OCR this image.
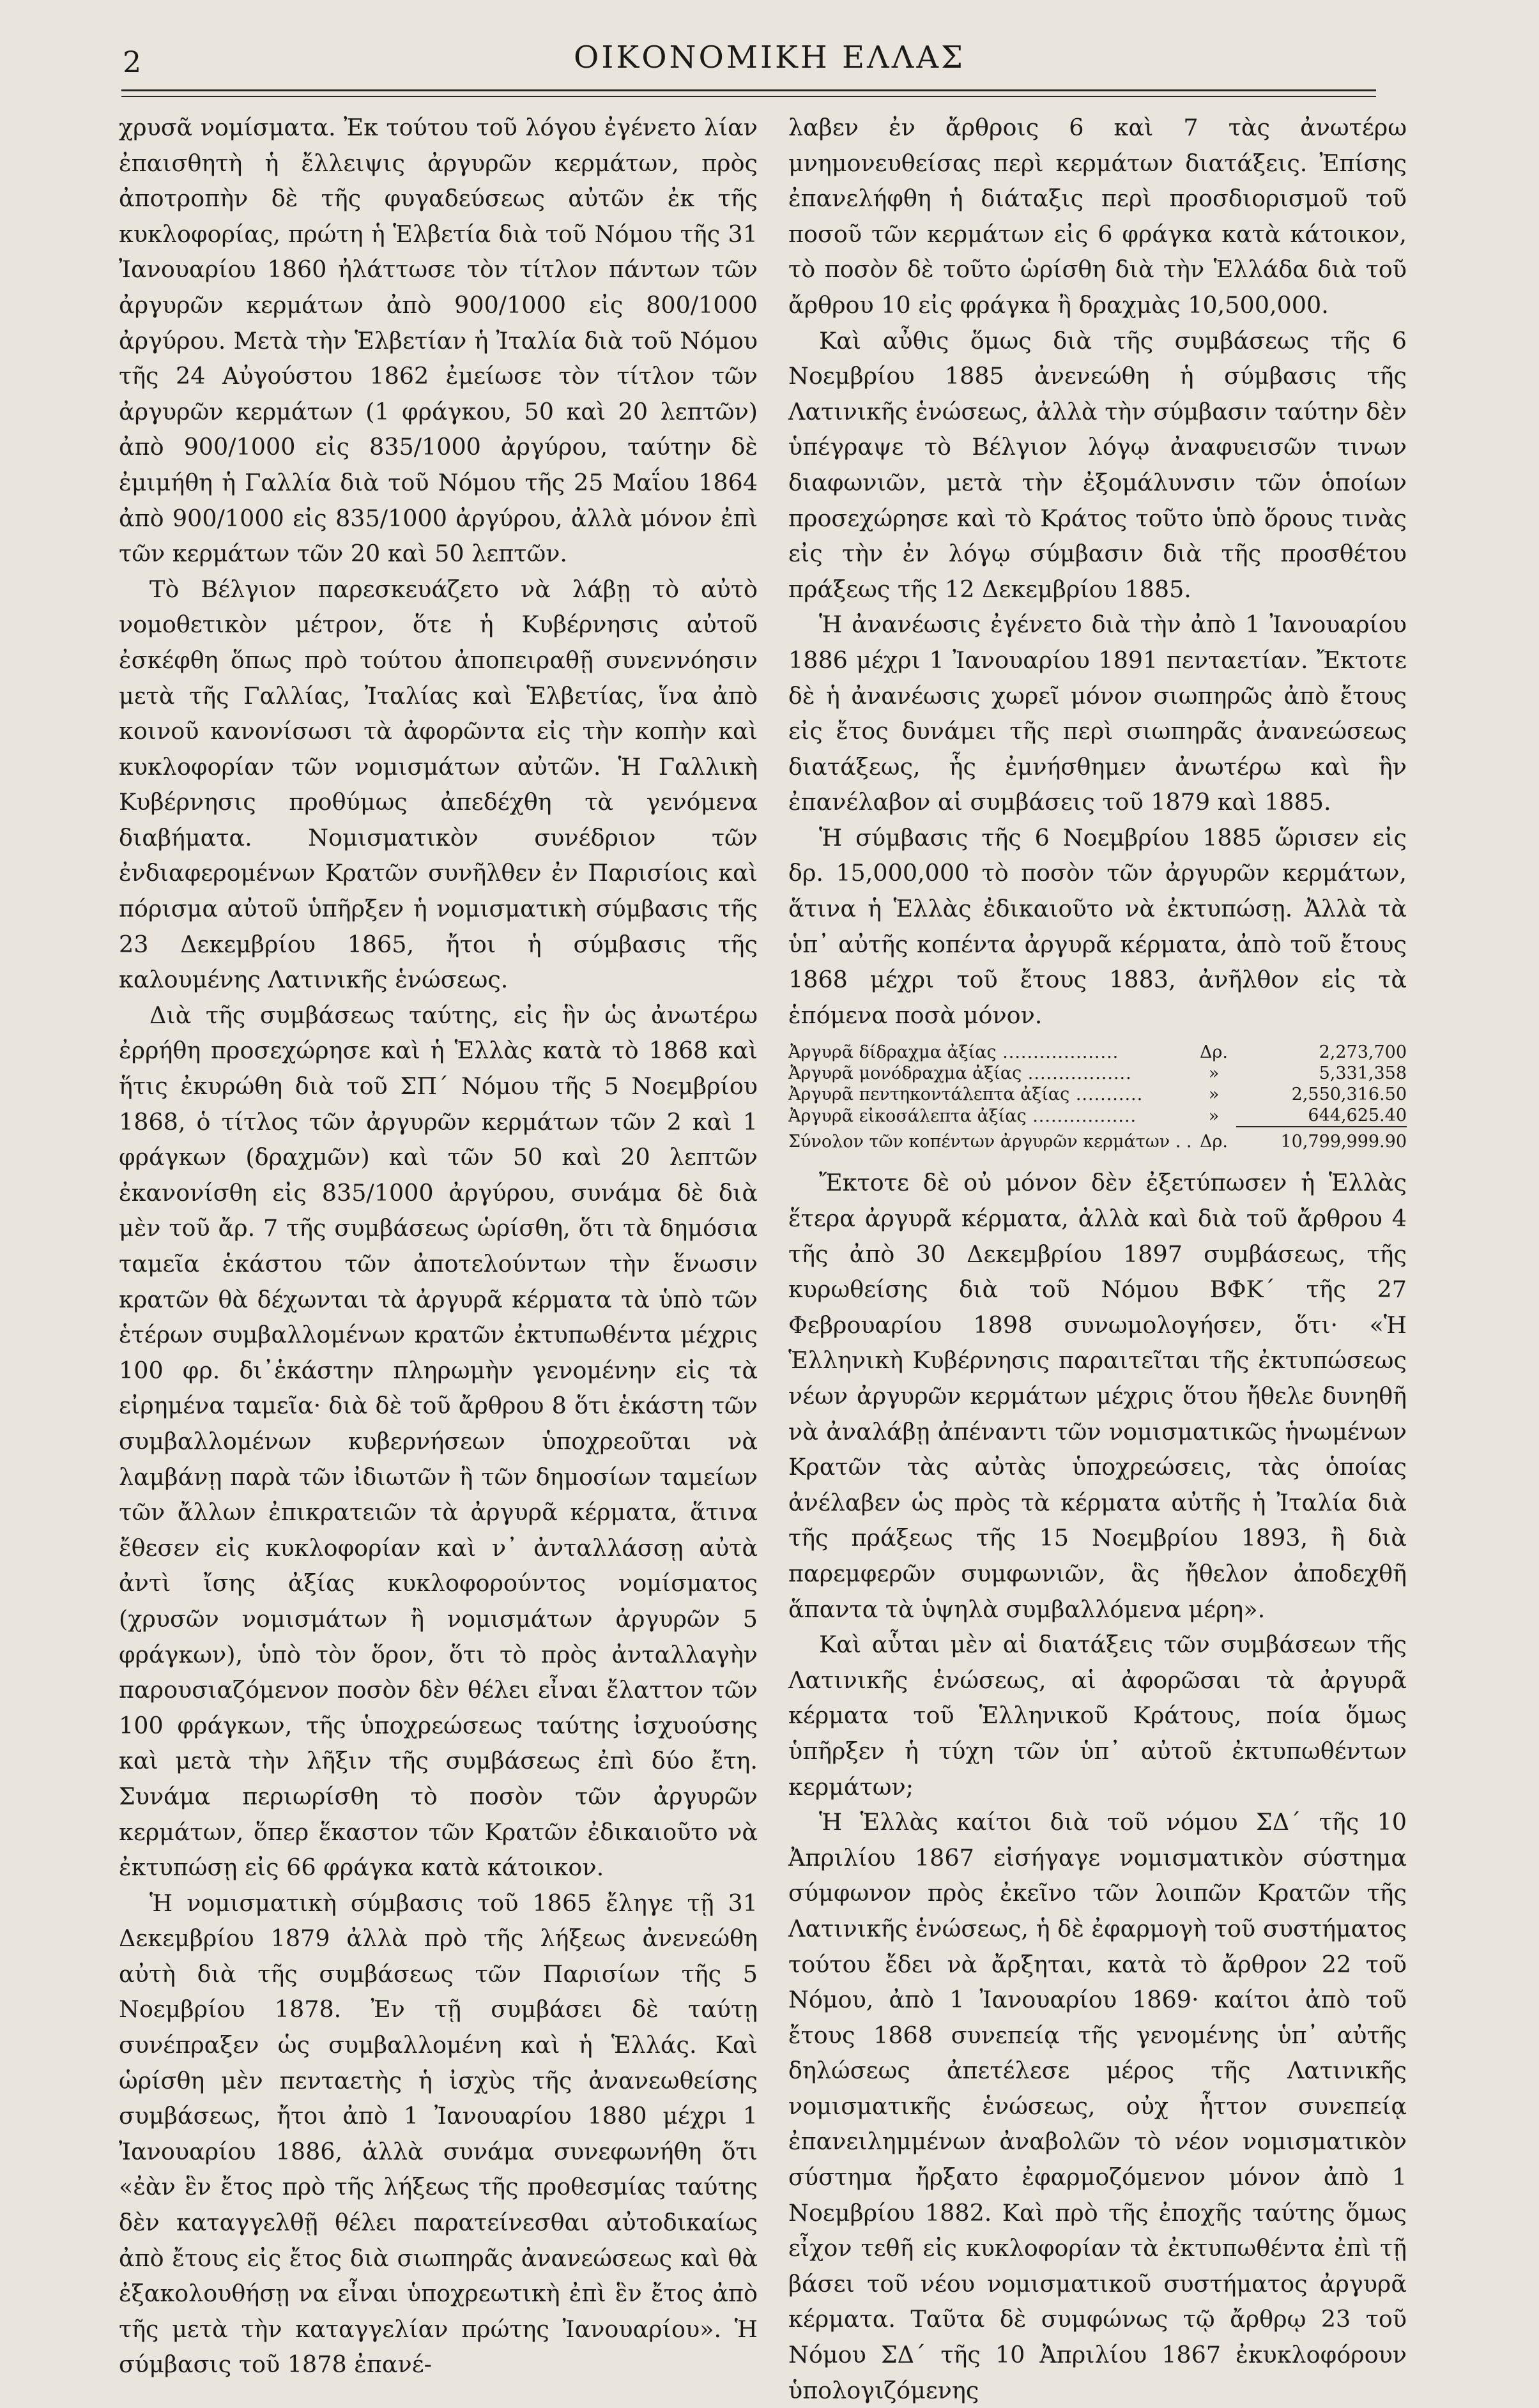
2	ΟΙΚΟΝΟΜΙΚΗ ΕΛΛΑΣ

χρυσᾶ νομίσματα. Ἐκ τούτου τοῦ λόγου ἐγένετο λίαν ἐπαισθητὴ ἡ ἔλλειψις ἀργυρῶν κερμάτων, πρὸς ἀποτροπὴν δὲ τῆς φυγαδεύσεως αὐτῶν ἐκ τῆς κυκλοφορίας, πρώτη ἡ Ἑλβετία διὰ τοῦ Νόμου τῆς 31 Ἰανουαρίου 1860 ἠλάττωσε τὸν τίτλον πάντων τῶν ἀργυρῶν κερμάτων ἀπὸ 900/1000 εἰς 800/1000 ἀργύρου. Μετὰ τὴν Ἑλβετίαν ἡ Ἰταλία διὰ τοῦ Νόμου τῆς 24 Αὐγούστου 1862 ἐμείωσε τὸν τίτλον τῶν ἀργυρῶν κερμάτων (1 φράγκου, 50 καὶ 20 λεπτῶν) ἀπὸ 900/1000 εἰς 835/1000 ἀργύρου, ταύτην δὲ ἐμιμήθη ἡ Γαλλία διὰ τοῦ Νόμου τῆς 25 Μαΐου 1864 ἀπὸ 900/1000 εἰς 835/1000 ἀργύρου, ἀλλὰ μόνον ἐπὶ τῶν κερμάτων τῶν 20 καὶ 50 λεπτῶν.

Τὸ Βέλγιον παρεσκευάζετο νὰ λάβῃ τὸ αὐτὸ νομοθετικὸν μέτρον, ὅτε ἡ Κυβέρνησις αὐτοῦ ἐσκέφθη ὅπως πρὸ τούτου ἀποπειραθῇ συνεννόησιν μετὰ τῆς Γαλλίας, Ἰταλίας καὶ Ἑλβετίας, ἵνα ἀπὸ κοινοῦ κανονίσωσι τὰ ἀφορῶντα εἰς τὴν κοπὴν καὶ κυκλοφορίαν τῶν νομισμάτων αὐτῶν. Ἡ Γαλλικὴ Κυβέρνησις προθύμως ἀπεδέχθη τὰ γενόμενα διαβήματα. Νομισματικὸν συνέδριον τῶν ἐνδιαφερομένων Κρατῶν συνῆλθεν ἐν Παρισίοις καὶ πόρισμα αὐτοῦ ὑπῆρξεν ἡ νομισματικὴ σύμβασις τῆς 23 Δεκεμβρίου 1865, ἤτοι ἡ σύμβασις τῆς καλουμένης Λατινικῆς ἑνώσεως.

Διὰ τῆς συμβάσεως ταύτης, εἰς ἣν ὡς ἀνωτέρω ἐρρήθη προσεχώρησε καὶ ἡ Ἑλλὰς κατὰ τὸ 1868 καὶ ἥτις ἐκυρώθη διὰ τοῦ ΣΠ´ Νόμου τῆς 5 Νοεμβρίου 1868, ὁ τίτλος τῶν ἀργυρῶν κερμάτων τῶν 2 καὶ 1 φράγκων (δραχμῶν) καὶ τῶν 50 καὶ 20 λεπτῶν ἐκανονίσθη εἰς 835/1000 ἀργύρου, συνάμα δὲ διὰ μὲν τοῦ ἄρ. 7 τῆς συμβάσεως ὡρίσθη, ὅτι τὰ δημόσια ταμεῖα ἑκάστου τῶν ἀποτελούντων τὴν ἕνωσιν κρατῶν θὰ δέχωνται τὰ ἀργυρᾶ κέρματα τὰ ὑπὸ τῶν ἑτέρων συμβαλλομένων κρατῶν ἐκτυπωθέντα μέχρις 100 φρ. δι᾽ἑκάστην πληρωμὴν γενομένην εἰς τὰ εἰρημένα ταμεῖα· διὰ δὲ τοῦ ἄρθρου 8 ὅτι ἑκάστη τῶν συμβαλλομένων κυβερνήσεων ὑποχρεοῦται νὰ λαμβάνῃ παρὰ τῶν ἰδιωτῶν ἢ τῶν δημοσίων ταμείων τῶν ἄλλων ἐπικρατειῶν τὰ ἀργυρᾶ κέρματα, ἅτινα ἔθεσεν εἰς κυκλοφορίαν καὶ ν᾽ ἀνταλλάσσῃ αὐτὰ ἀντὶ ἴσης ἀξίας κυκλοφορούντος νομίσματος (χρυσῶν νομισμάτων ἢ νομισμάτων ἀργυρῶν 5 φράγκων), ὑπὸ τὸν ὅρον, ὅτι τὸ πρὸς ἀνταλλαγὴν παρουσιαζόμενον ποσὸν δὲν θέλει εἶναι ἔλαττον τῶν 100 φράγκων, τῆς ὑποχρεώσεως ταύτης ἰσχυούσης καὶ μετὰ τὴν λῆξιν τῆς συμβάσεως ἐπὶ δύο ἔτη. Συνάμα περιωρίσθη τὸ ποσὸν τῶν ἀργυρῶν κερμάτων, ὅπερ ἕκαστον τῶν Κρατῶν ἐδικαιοῦτο νὰ ἐκτυπώσῃ εἰς 66 φράγκα κατὰ κάτοικον.

Ἡ νομισματικὴ σύμβασις τοῦ 1865 ἔληγε τῇ 31 Δεκεμβρίου 1879 ἀλλὰ πρὸ τῆς λήξεως ἀνενεώθη αὐτὴ διὰ τῆς συμβάσεως τῶν Παρισίων τῆς 5 Νοεμβρίου 1878. Ἐν τῇ συμβάσει δὲ ταύτῃ συνέπραξεν ὡς συμβαλλομένη καὶ ἡ Ἑλλάς. Καὶ ὡρίσθη μὲν πενταετὴς ἡ ἰσχὺς τῆς ἀνανεωθείσης συμβάσεως, ἤτοι ἀπὸ 1 Ἰανουαρίου 1880 μέχρι 1 Ἰανουαρίου 1886, ἀλλὰ συνάμα συνεφωνήθη ὅτι «ἐὰν ἓν ἔτος πρὸ τῆς λήξεως τῆς προθεσμίας ταύτης δὲν καταγγελθῇ θέλει παρατείνεσθαι αὐτοδικαίως ἀπὸ ἔτους εἰς ἔτος διὰ σιωπηρᾶς ἀνανεώσεως καὶ θὰ ἐξακολουθήσῃ να εἶναι ὑποχρεωτικὴ ἐπὶ ἓν ἔτος ἀπὸ τῆς μετὰ τὴν καταγγελίαν πρώτης Ἰανουαρίου». Ἡ σύμβασις τοῦ 1878 ἐπανέ-

λαβεν ἐν ἄρθροις 6 καὶ 7 τὰς ἀνωτέρω μνημονευθείσας περὶ κερμάτων διατάξεις. Ἐπίσης ἐπανελήφθη ἡ διάταξις περὶ προσδιορισμοῦ τοῦ ποσοῦ τῶν κερμάτων εἰς 6 φράγκα κατὰ κάτοικον, τὸ ποσὸν δὲ τοῦτο ὡρίσθη διὰ τὴν Ἑλλάδα διὰ τοῦ ἄρθρου 10 εἰς φράγκα ἢ δραχμὰς 10,500,000.

Καὶ αὖθις ὅμως διὰ τῆς συμβάσεως τῆς 6 Νοεμβρίου 1885 ἀνενεώθη ἡ σύμβασις τῆς Λατινικῆς ἑνώσεως, ἀλλὰ τὴν σύμβασιν ταύτην δὲν ὑπέγραψε τὸ Βέλγιον λόγῳ ἀναφυεισῶν τινων διαφωνιῶν, μετὰ τὴν ἐξομάλυνσιν τῶν ὁποίων προσεχώρησε καὶ τὸ Κράτος τοῦτο ὑπὸ ὅρους τινὰς εἰς τὴν ἐν λόγῳ σύμβασιν διὰ τῆς προσθέτου πράξεως τῆς 12 Δεκεμβρίου 1885.

Ἡ ἀνανέωσις ἐγένετο διὰ τὴν ἀπὸ 1 Ἰανουαρίου 1886 μέχρι 1 Ἰανουαρίου 1891 πενταετίαν. Ἔκτοτε δὲ ἡ ἀνανέωσις χωρεῖ μόνον σιωπηρῶς ἀπὸ ἔτους εἰς ἔτος δυνάμει τῆς περὶ σιωπηρᾶς ἀνανεώσεως διατάξεως, ἧς ἐμνήσθημεν ἀνωτέρω καὶ ἣν ἐπανέλαβον αἱ συμβάσεις τοῦ 1879 καὶ 1885.

Ἡ σύμβασις τῆς 6 Νοεμβρίου 1885 ὥρισεν εἰς δρ. 15,000,000 τὸ ποσὸν τῶν ἀργυρῶν κερμάτων, ἅτινα ἡ Ἑλλὰς ἐδικαιοῦτο νὰ ἐκτυπώσῃ. Ἀλλὰ τὰ ὑπ᾽ αὐτῆς κοπέντα ἀργυρᾶ κέρματα, ἀπὸ τοῦ ἔτους 1868 μέχρι τοῦ ἔτους 1883, ἀνῆλθον εἰς τὰ ἑπόμενα ποσὰ μόνον.

Ἀργυρᾶ δίδραχμα ἀξίας ...................	Δρ.	2,273,700
Ἀργυρᾶ μονόδραχμα ἀξίας .................	»	5,331,358
Ἀργυρᾶ πεντηκοντάλεπτα ἀξίας ...........	»	2,550,316.50
Ἀργυρᾶ εἰκοσάλεπτα ἀξίας .................	»	644,625.40
Σύνολον τῶν κοπέντων ἀργυρῶν κερμάτων . .	Δρ.	10,799,999.90

Ἔκτοτε δὲ οὐ μόνον δὲν ἐξετύπωσεν ἡ Ἑλλὰς ἕτερα ἀργυρᾶ κέρματα, ἀλλὰ καὶ διὰ τοῦ ἄρθρου 4 τῆς ἀπὸ 30 Δεκεμβρίου 1897 συμβάσεως, τῆς κυρωθείσης διὰ τοῦ Νόμου ΒΦΚ´ τῆς 27 Φεβρουαρίου 1898 συνωμολογήσεν, ὅτι· «Ἡ Ἑλληνικὴ Κυβέρνησις παραιτεῖται τῆς ἐκτυπώσεως νέων ἀργυρῶν κερμάτων μέχρις ὅτου ἤθελε δυνηθῆ νὰ ἀναλάβῃ ἀπέναντι τῶν νομισματικῶς ἡνωμένων Κρατῶν τὰς αὐτὰς ὑποχρεώσεις, τὰς ὁποίας ἀνέλαβεν ὡς πρὸς τὰ κέρματα αὐτῆς ἡ Ἰταλία διὰ τῆς πράξεως τῆς 15 Νοεμβρίου 1893, ἢ διὰ παρεμφερῶν συμφωνιῶν, ἃς ἤθελον ἀποδεχθῆ ἅπαντα τὰ ὑψηλὰ συμβαλλόμενα μέρη».

Καὶ αὗται μὲν αἱ διατάξεις τῶν συμβάσεων τῆς Λατινικῆς ἑνώσεως, αἱ ἀφορῶσαι τὰ ἀργυρᾶ κέρματα τοῦ Ἑλληνικοῦ Κράτους, ποία ὅμως ὑπῆρξεν ἡ τύχη τῶν ὑπ᾽ αὐτοῦ ἐκτυπωθέντων κερμάτων;

Ἡ Ἑλλὰς καίτοι διὰ τοῦ νόμου ΣΔ´ τῆς 10 Ἀπριλίου 1867 εἰσήγαγε νομισματικὸν σύστημα σύμφωνον πρὸς ἐκεῖνο τῶν λοιπῶν Κρατῶν τῆς Λατινικῆς ἑνώσεως, ἡ δὲ ἐφαρμογὴ τοῦ συστήματος τούτου ἔδει νὰ ἄρξηται, κατὰ τὸ ἄρθρον 22 τοῦ Νόμου, ἀπὸ 1 Ἰανουαρίου 1869· καίτοι ἀπὸ τοῦ ἔτους 1868 συνεπείᾳ τῆς γενομένης ὑπ᾽ αὐτῆς δηλώσεως ἀπετέλεσε μέρος τῆς Λατινικῆς νομισματικῆς ἑνώσεως, οὐχ ἧττον συνεπείᾳ ἐπανειλημμένων ἀναβολῶν τὸ νέον νομισματικὸν σύστημα ἤρξατο ἐφαρμοζόμενον μόνον ἀπὸ 1 Νοεμβρίου 1882. Καὶ πρὸ τῆς ἐποχῆς ταύτης ὅμως εἶχον τεθῆ εἰς κυκλοφορίαν τὰ ἐκτυπωθέντα ἐπὶ τῇ βάσει τοῦ νέου νομισματικοῦ συστήματος ἀργυρᾶ κέρματα. Ταῦτα δὲ συμφώνως τῷ ἄρθρῳ 23 τοῦ Νόμου ΣΔ´ τῆς 10 Ἀπριλίου 1867 ἐκυκλοφόρουν ὑπολογιζόμενης
